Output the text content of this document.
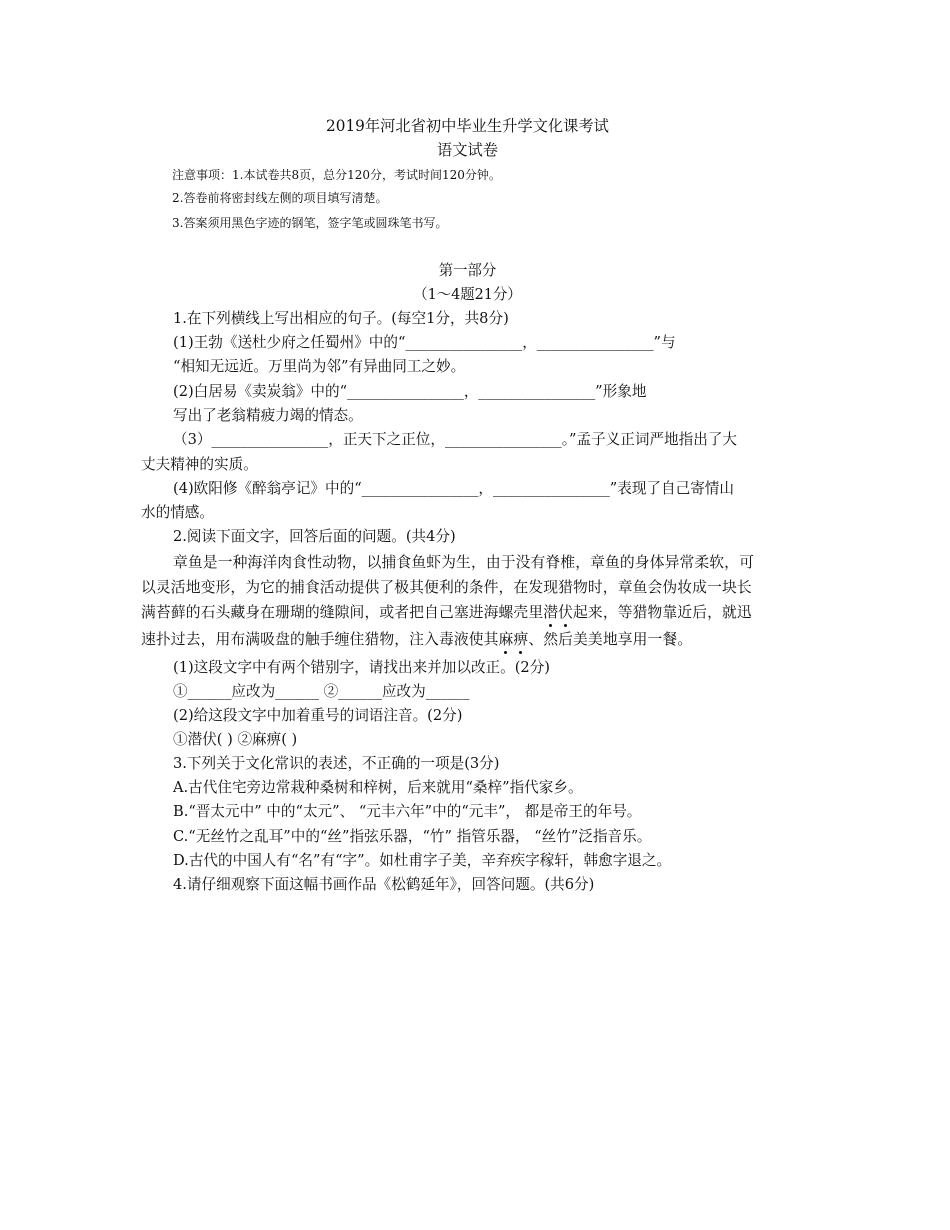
2019年河北省初中毕业生升学文化课考试
语文试卷
注意事项：1.本试卷共8页，总分120分，考试时间120分钟。
2.答卷前将密封线左侧的项目填写清楚。
3.答案须用黑色字迹的钢笔，签字笔或圆珠笔书写。
第一部分
（1～4题21分）
1.在下列横线上写出相应的句子。(每空1分，共8分)
(1)王勃《送杜少府之任蜀州》中的“________________，________________”与
“相知无远近。万里尚为邻”有异曲同工之妙。
(2)白居易《卖炭翁》中的“________________，________________”形象地
写出了老翁精疲力竭的情态。
（3）________________，正天下之正位，________________。”孟子义正词严地指出了大
丈夫精神的实质。
(4)欧阳修《醉翁亭记》中的“________________，________________”表现了自己寄情山
水的情感。
2.阅读下面文字，回答后面的问题。(共4分)
章鱼是一种海洋肉食性动物，以捕食鱼虾为生，由于没有脊椎，章鱼的身体异常柔软，可
以灵活地变形，为它的捕食活动提供了极其便利的条件，在发现猎物时，章鱼会伪妆成一块长
满苔藓的石头藏身在珊瑚的缝隙间，或者把自己塞进海螺壳里潜伏起来，等猎物靠近后，就迅
速扑过去，用布满吸盘的触手缠住猎物，注入毒液使其麻痹、然后美美地享用一餐。
(1)这段文字中有两个错别字，请找出来并加以改正。(2分)
①______应改为______ ②______应改为______
(2)给这段文字中加着重号的词语注音。(2分)
①潜伏( ) ②麻痹( )
3.下列关于文化常识的表述，不正确的一项是(3分)
A.古代住宅旁边常栽种桑树和梓树，后来就用“桑梓”指代家乡。
B.“晋太元中” 中的“太元”、 “元丰六年”中的“元丰”， 都是帝王的年号。
C.“无丝竹之乱耳”中的“丝”指弦乐器，“竹” 指管乐器， “丝竹”泛指音乐。
D.古代的中国人有“名”有“字”。如杜甫字子美，辛弃疾字稼轩，韩愈字退之。
4.请仔细观察下面这幅书画作品《松鹤延年》，回答问题。(共6分)
